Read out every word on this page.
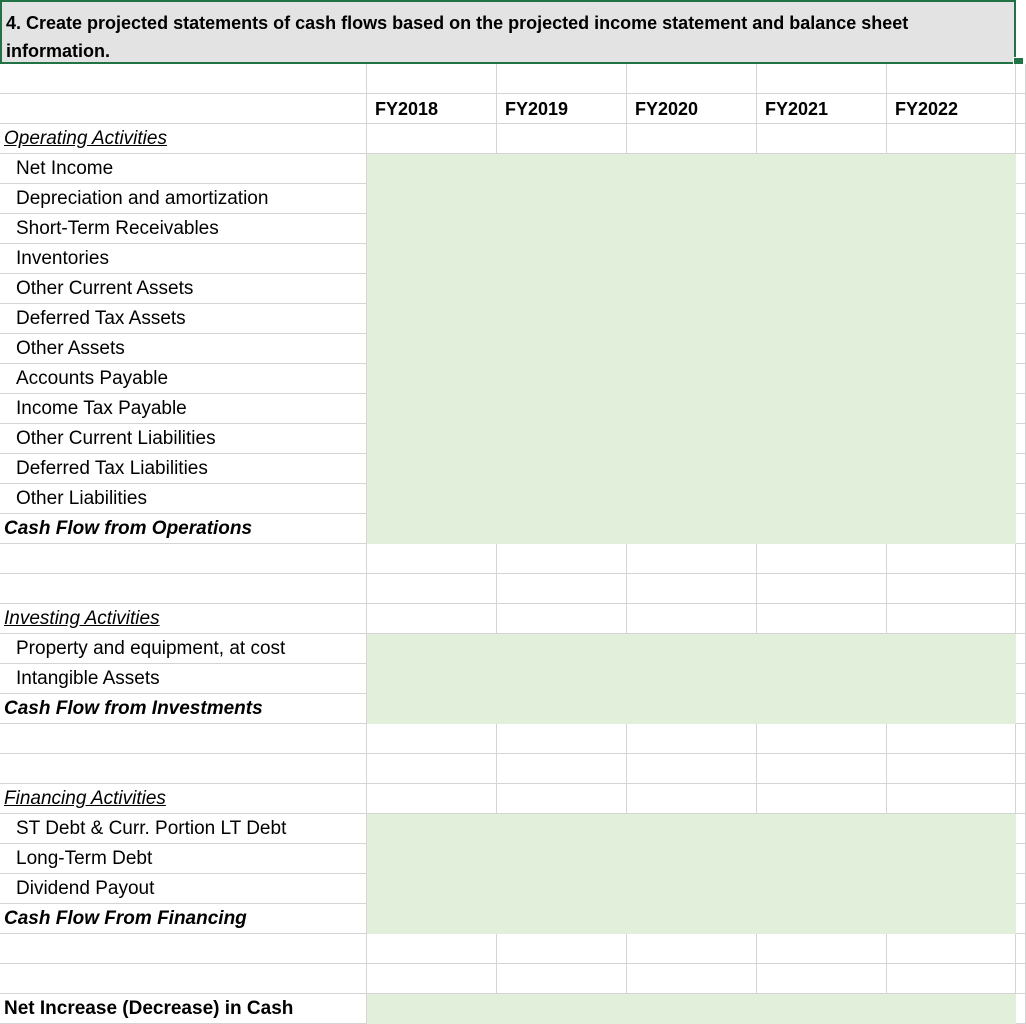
4. Create projected statements of cash flows based on the projected income statement and balance sheet information.
FY2018	FY2019	FY2020	FY2021	FY2022
Operating Activities
Net Income
Depreciation and amortization
Short-Term Receivables
Inventories
Other Current Assets
Deferred Tax Assets
Other Assets
Accounts Payable
Income Tax Payable
Other Current Liabilities
Deferred Tax Liabilities
Other Liabilities
Cash Flow from Operations
Investing Activities
Property and equipment, at cost
Intangible Assets
Cash Flow from Investments
Financing Activities
ST Debt & Curr. Portion LT Debt
Long-Term Debt
Dividend Payout
Cash Flow From Financing
Net Increase (Decrease) in Cash
